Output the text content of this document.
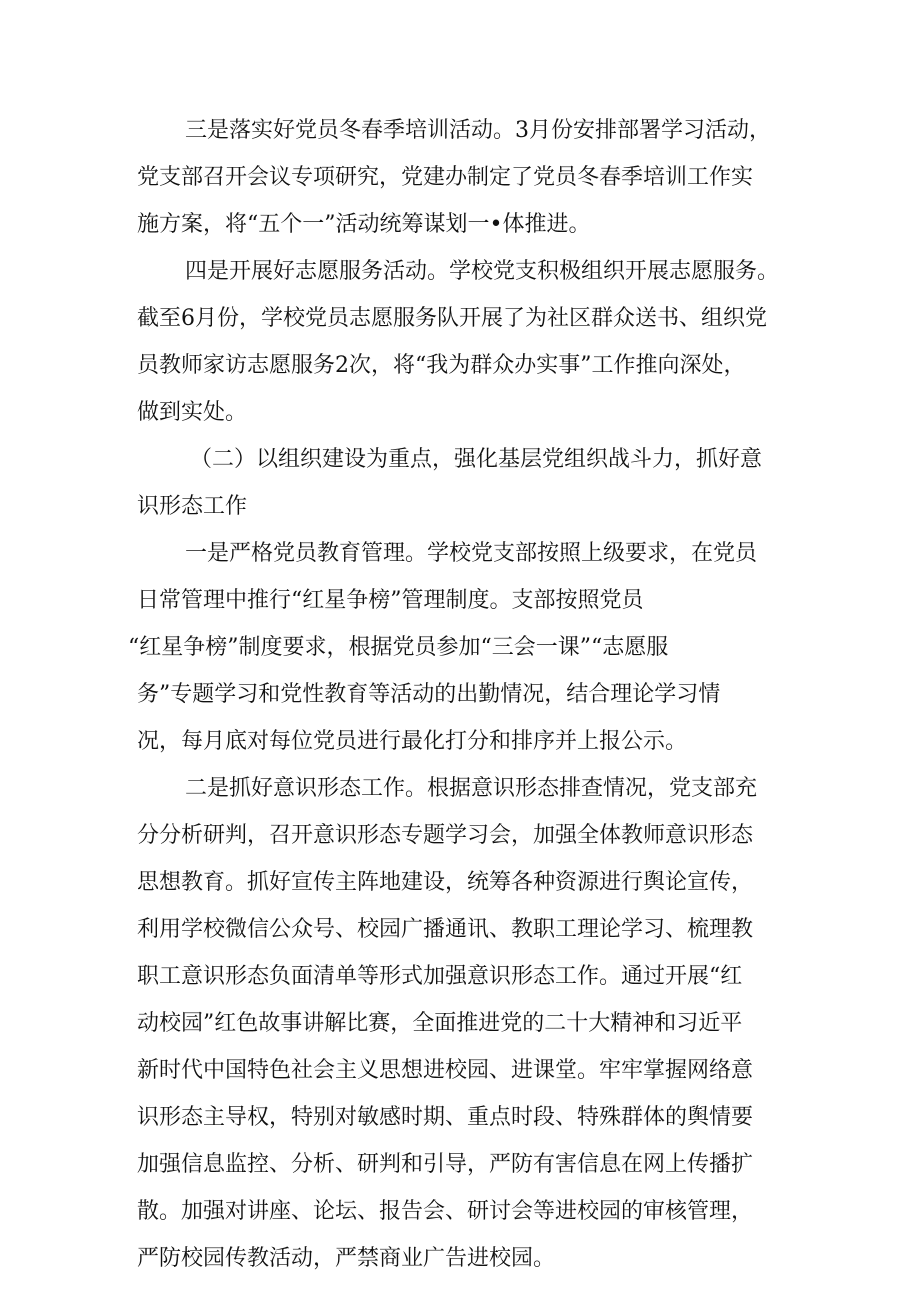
三是落实好党员冬春季培训活动。3月份安排部署学习活动，
党支部召开会议专项研究，党建办制定了党员冬春季培训工作实
施方案，将“五个一”活动统筹谋划一•体推进。
四是开展好志愿服务活动。学校党支积极组织开展志愿服务。
截至6月份，学校党员志愿服务队开展了为社区群众送书、组织党
员教师家访志愿服务2次，将“我为群众办实事”工作推向深处，
做到实处。
（二）以组织建设为重点，强化基层党组织战斗力，抓好意
识形态工作
一是严格党员教育管理。学校党支部按照上级要求，在党员
日常管理中推行“红星争榜”管理制度。支部按照党员
“红星争榜”制度要求，根据党员参加“三会一课”“志愿服
务”专题学习和党性教育等活动的出勤情况，结合理论学习情
况，每月底对每位党员进行最化打分和排序并上报公示。
二是抓好意识形态工作。根据意识形态排查情况，党支部充
分分析研判，召开意识形态专题学习会，加强全体教师意识形态
思想教育。抓好宣传主阵地建设，统筹各种资源进行舆论宣传，
利用学校微信公众号、校园广播通讯、教职工理论学习、梳理教
职工意识形态负面清单等形式加强意识形态工作。通过开展“红
动校园”红色故事讲解比赛，全面推进党的二十大精神和习近平
新时代中国特色社会主义思想进校园、进课堂。牢牢掌握网络意
识形态主导权，特别对敏感时期、重点时段、特殊群体的舆情要
加强信息监控、分析、研判和引导，严防有害信息在网上传播扩
散。加强对讲座、论坛、报告会、研讨会等进校园的审核管理，
严防校园传教活动，严禁商业广告进校园。
